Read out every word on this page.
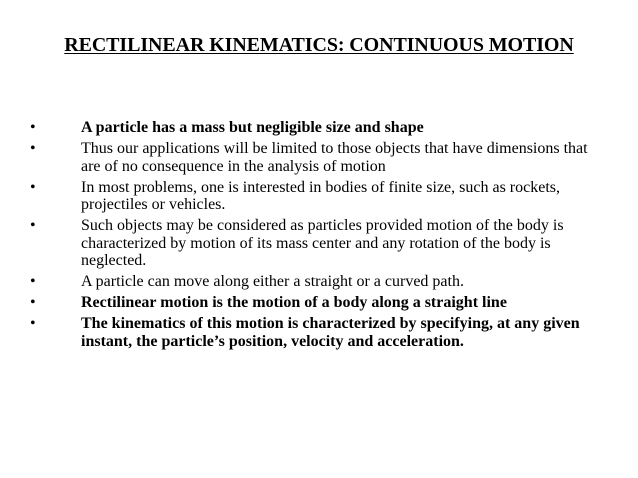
RECTILINEAR KINEMATICS: CONTINUOUS MOTION
•	A particle has a mass but negligible size and shape
•	Thus our applications will be limited to those objects that have dimensions that are of no consequence in the analysis of motion
•	In most problems, one is interested in bodies of finite size, such as rockets, projectiles or vehicles.
•	Such objects may be considered as particles provided motion of the body is characterized by motion of its mass center and any rotation of the body is neglected.
•	A particle can move along either a straight or a curved path.
•	Rectilinear motion is the motion of a body along a straight line
•	The kinematics of this motion is characterized by specifying, at any given instant, the particle’s position, velocity and acceleration.
